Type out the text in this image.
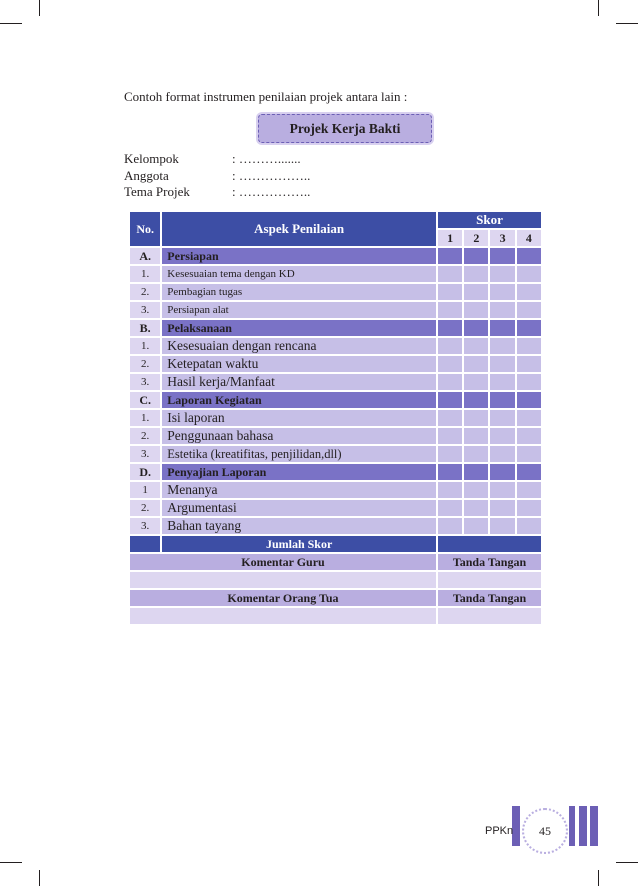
Contoh format instrumen penilaian projek antara lain :
Projek Kerja Bakti
Kelompok	: ……….......
Anggota	: ……………..
Tema Projek	: ……………..
No.	Aspek Penilaian	Skor			
		1	2	3	4
A.	Persiapan				
1.	Kesesuaian tema dengan KD				
2.	Pembagian tugas				
3.	Persiapan alat				
B.	Pelaksanaan				
1.	Kesesuaian dengan rencana				
2.	Ketepatan waktu				
3.	Hasil kerja/Manfaat				
C.	Laporan Kegiatan				
1.	Isi laporan				
2.	Penggunaan bahasa				
3.	Estetika (kreatifitas, penjilidan,dll)				
D.	Penyajian Laporan				
1	Menanya				
2.	Argumentasi				
3.	Bahan tayang				
	Jumlah Skor				
Komentar Guru		Tanda Tangan			

Komentar Orang Tua		Tanda Tangan			

PPKn	45
